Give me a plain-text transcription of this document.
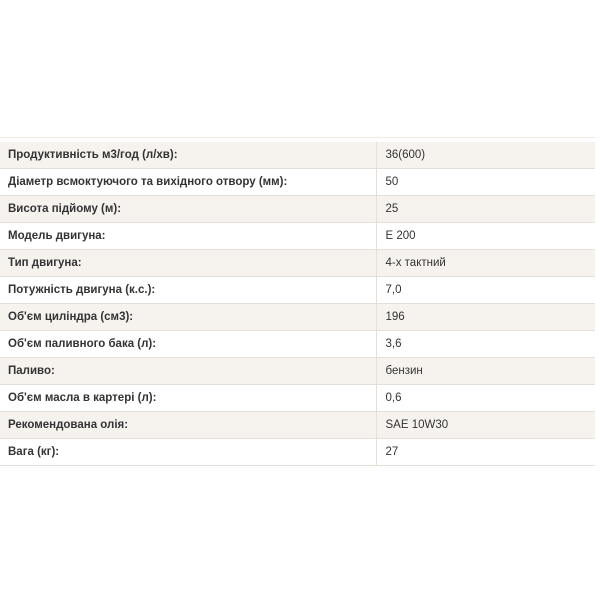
Продуктивність м3/год (л/хв):	36(600)
Діаметр всмоктуючого та вихідного отвору (мм):	50
Висота підйому (м):	25
Модель двигуна:	E 200
Тип двигуна:	4-х тактний
Потужність двигуна (к.с.):	7,0
Об'єм циліндра (см3):	196
Об'єм паливного бака (л):	3,6
Паливо:	бензин
Об'єм масла в картері (л):	0,6
Рекомендована олія:	SAE 10W30
Вага (кг):	27
